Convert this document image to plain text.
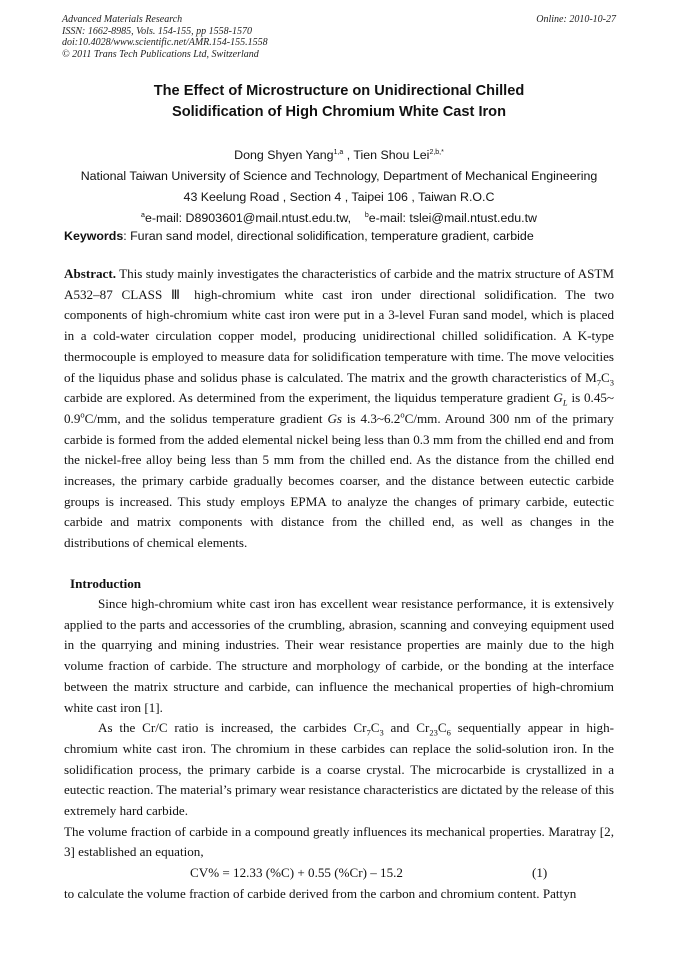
Advanced Materials Research
ISSN: 1662-8985, Vols. 154-155, pp 1558-1570
doi:10.4028/www.scientific.net/AMR.154-155.1558
© 2011 Trans Tech Publications Ltd, Switzerland
Online: 2010-10-27
The Effect of Microstructure on Unidirectional Chilled
Solidification of High Chromium White Cast Iron
Dong Shyen Yang$^{1,a}$ , Tien Shou Lei$^{2,b,*}$
National Taiwan University of Science and Technology, Department of Mechanical Engineering
43 Keelung Road , Section 4 , Taipei 106 , Taiwan R.O.C
$^a$e-mail: D8903601@mail.ntust.edu.tw, $^b$e-mail: tslei@mail.ntust.edu.tw
Keywords: Furan sand model, directional solidification, temperature gradient, carbide

Abstract. This study mainly investigates the characteristics of carbide and the matrix structure of ASTM A532–87 CLASS Ⅲ high-chromium white cast iron under directional solidification. The two components of high-chromium white cast iron were put in a 3-level Furan sand model, which is placed in a cold-water circulation copper model, producing unidirectional chilled solidification. A K-type thermocouple is employed to measure data for solidification temperature with time. The move velocities of the liquidus phase and solidus phase is calculated. The matrix and the growth characteristics of $M_7C_3$ carbide are explored. As determined from the experiment, the liquidus temperature gradient $G_L$ is 0.45~ 0.9$^o$C/mm, and the solidus temperature gradient Gs is 4.3~6.2$^o$C/mm. Around 300 nm of the primary carbide is formed from the added elemental nickel being less than 0.3 mm from the chilled end and from the nickel-free alloy being less than 5 mm from the chilled end. As the distance from the chilled end increases, the primary carbide gradually becomes coarser, and the distance between eutectic carbide groups is increased. This study employs EPMA to analyze the changes of primary carbide, eutectic carbide and matrix components with distance from the chilled end, as well as changes in the distributions of chemical elements.

Introduction

Since high-chromium white cast iron has excellent wear resistance performance, it is extensively applied to the parts and accessories of the crumbling, abrasion, scanning and conveying equipment used in the quarrying and mining industries. Their wear resistance properties are mainly due to the high volume fraction of carbide. The structure and morphology of carbide, or the bonding at the interface between the matrix structure and carbide, can influence the mechanical properties of high-chromium white cast iron [1].

As the Cr/C ratio is increased, the carbides $Cr_7C_3$ and $Cr_{23}C_6$ sequentially appear in high-chromium white cast iron. The chromium in these carbides can replace the solid-solution iron. In the solidification process, the primary carbide is a coarse crystal. The microcarbide is crystallized in a eutectic reaction. The material’s primary wear resistance characteristics are dictated by the release of this extremely hard carbide.

The volume fraction of carbide in a compound greatly influences its mechanical properties. Maratray [2, 3] established an equation,

CV% = 12.33 (%C) + 0.55 (%Cr) – 15.2	(1)

to calculate the volume fraction of carbide derived from the carbon and chromium content. Pattyn
